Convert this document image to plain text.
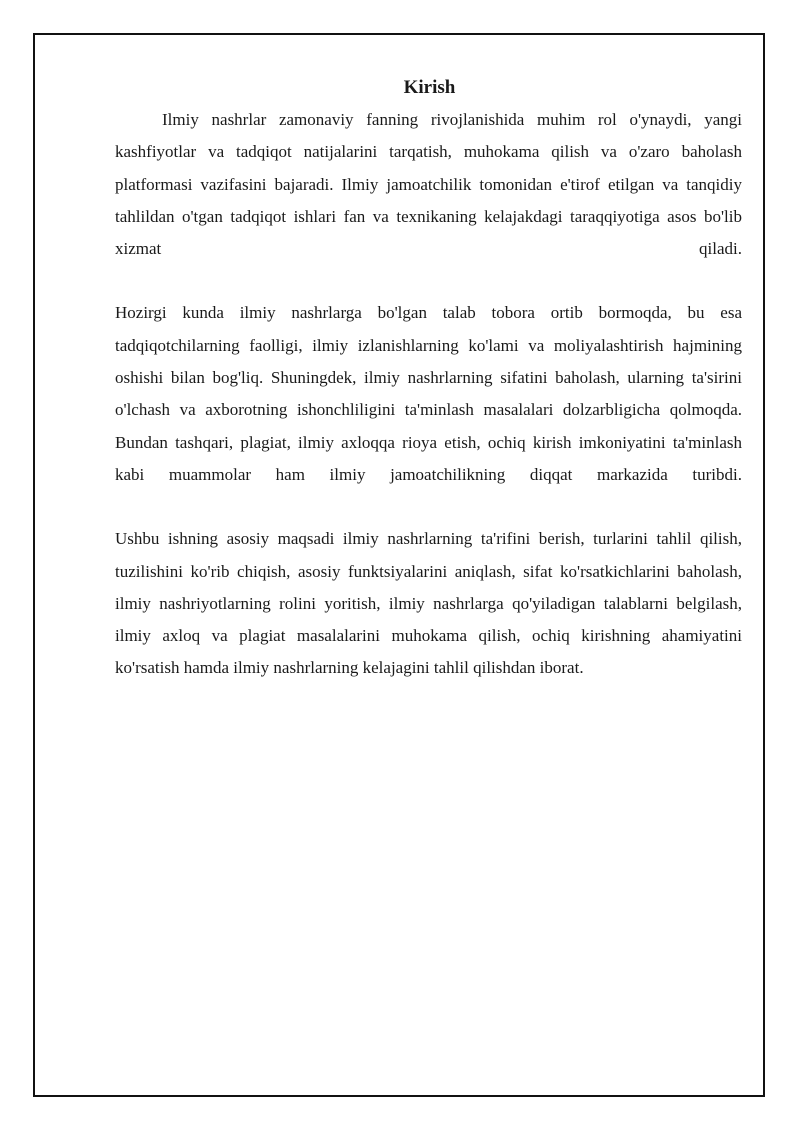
Kirish

Ilmiy nashrlar zamonaviy fanning rivojlanishida muhim rol o'ynaydi, yangi kashfiyotlar va tadqiqot natijalarini tarqatish, muhokama qilish va o'zaro baholash platformasi vazifasini bajaradi. Ilmiy jamoatchilik tomonidan e'tirof etilgan va tanqidiy tahlildan o'tgan tadqiqot ishlari fan va texnikaning kelajakdagi taraqqiyotiga asos bo'lib xizmat qiladi.

Hozirgi kunda ilmiy nashrlarga bo'lgan talab tobora ortib bormoqda, bu esa tadqiqotchilarning faolligi, ilmiy izlanishlarning ko'lami va moliyalashtirish hajmining oshishi bilan bog'liq. Shuningdek, ilmiy nashrlarning sifatini baholash, ularning ta'sirini o'lchash va axborotning ishonchliligini ta'minlash masalalari dolzarbligicha qolmoqda. Bundan tashqari, plagiat, ilmiy axloqqa rioya etish, ochiq kirish imkoniyatini ta'minlash kabi muammolar ham ilmiy jamoatchilikning diqqat markazida turibdi.

Ushbu ishning asosiy maqsadi ilmiy nashrlarning ta'rifini berish, turlarini tahlil qilish, tuzilishini ko'rib chiqish, asosiy funktsiyalarini aniqlash, sifat ko'rsatkichlarini baholash, ilmiy nashriyotlarning rolini yoritish, ilmiy nashrlarga qo'yiladigan talablarni belgilash, ilmiy axloq va plagiat masalalarini muhokama qilish, ochiq kirishning ahamiyatini ko'rsatish hamda ilmiy nashrlarning kelajagini tahlil qilishdan iborat.
